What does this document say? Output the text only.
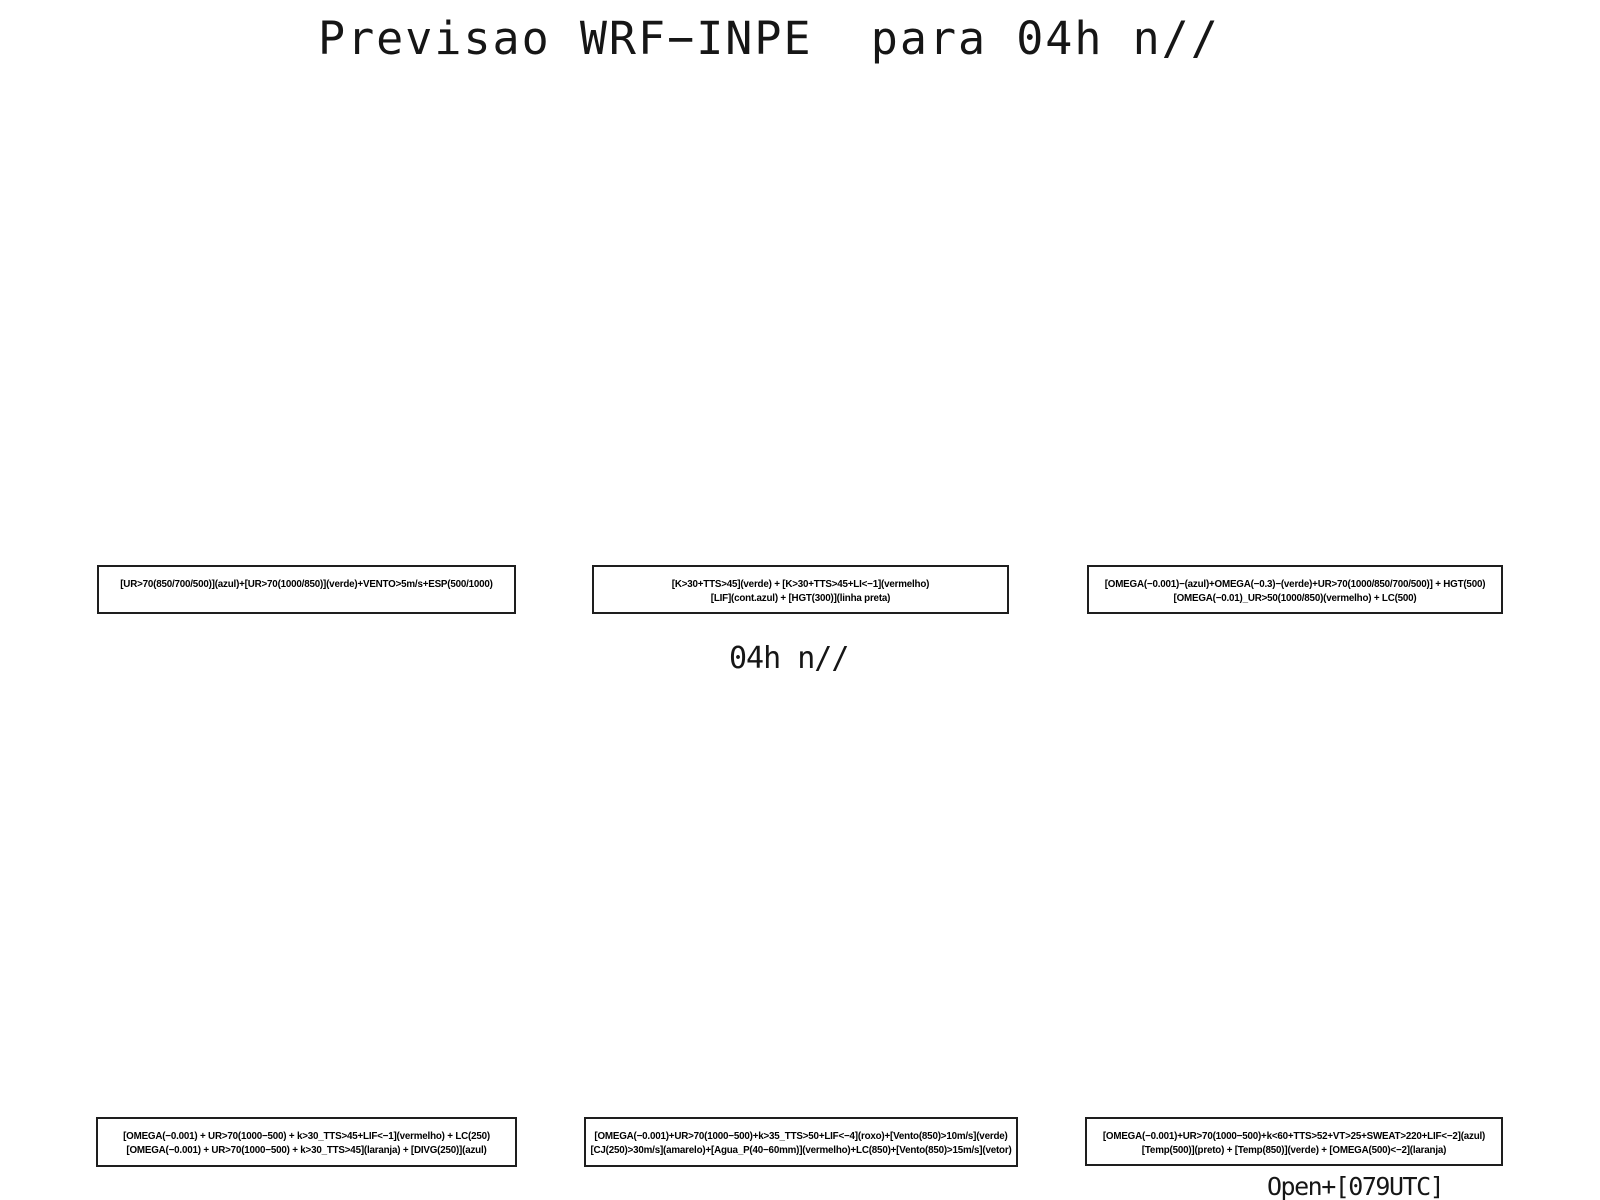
Previsao WRF−INPE  para 04h n//
[UR>70(850/700/500)](azul)+[UR>70(1000/850)](verde)+VENTO>5m/s+ESP(500/1000)	[K>30+TTS>45](verde) + [K>30+TTS>45+LI<−1](vermelho)
[LIF](cont.azul) + [HGT(300)](linha preta)
[OMEGA(−0.001)−(azul)+OMEGA(−0.3)−(verde)+UR>70(1000/850/700/500)] + HGT(500)
[OMEGA(−0.01)_UR>50(1000/850)(vermelho) + LC(500)
04h n//
[OMEGA(−0.001) + UR>70(1000−500) + k>30_TTS>45+LIF<−1](vermelho) + LC(250)
[OMEGA(−0.001) + UR>70(1000−500) + k>30_TTS>45](laranja) + [DIVG(250)](azul)
[OMEGA(−0.001)+UR>70(1000−500)+k>35_TTS>50+LIF<−4](roxo)+[Vento(850)>10m/s](verde)
[CJ(250)>30m/s](amarelo)+[Agua_P(40−60mm)](vermelho)+LC(850)+[Vento(850)>15m/s](vetor)
[OMEGA(−0.001)+UR>70(1000−500)+k<60+TTS>52+VT>25+SWEAT>220+LIF<−2](azul)
[Temp(500)](preto) + [Temp(850)](verde) + [OMEGA(500)<−2](laranja)
Open+[079UTC]
